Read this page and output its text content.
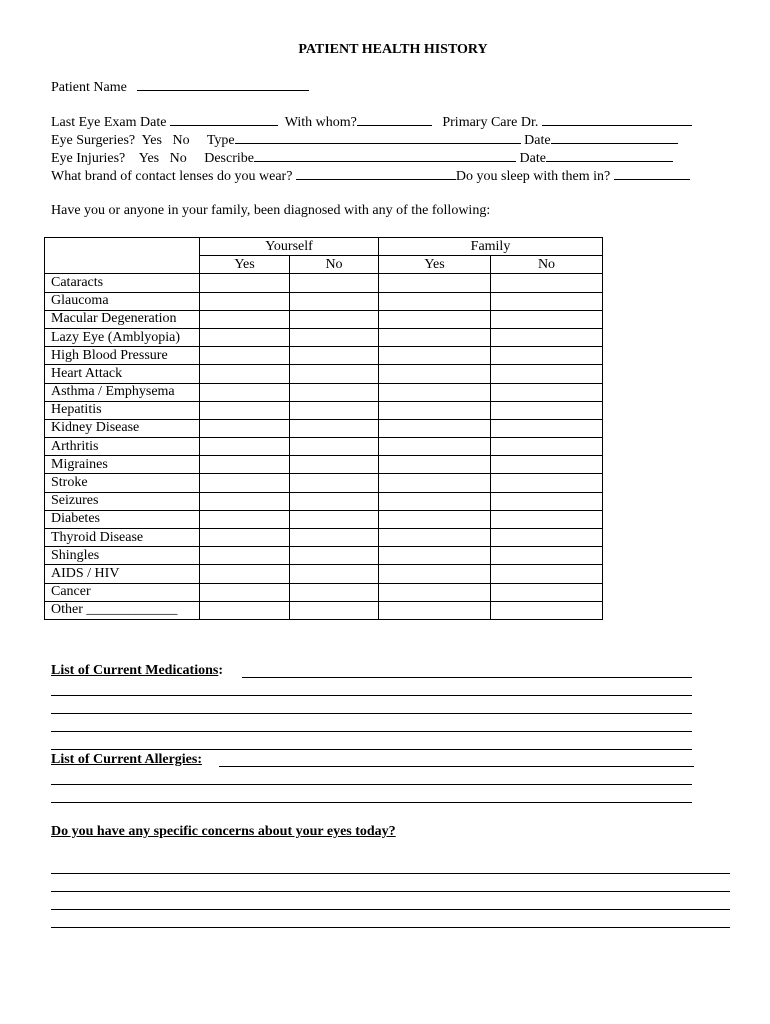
PATIENT HEALTH HISTORY
Patient Name
Last Eye Exam Date	With whom?	Primary Care Dr.
Eye Surgeries? Yes No Type	Date
Eye Injuries? Yes No Describe	Date
What brand of contact lenses do you wear?	Do you sleep with them in?
Have you or anyone in your family, been diagnosed with any of the following:
	Yourself		Family	
	Yes	No	Yes	No
Cataracts				
Glaucoma				
Macular Degeneration				
Lazy Eye (Amblyopia)				
High Blood Pressure				
Heart Attack				
Asthma / Emphysema				
Hepatitis				
Kidney Disease				
Arthritis				
Migraines				
Stroke				
Seizures				
Diabetes				
Thyroid Disease				
Shingles				
AIDS / HIV				
Cancer				
Other _____________				
List of Current Medications:
List of Current Allergies:
Do you have any specific concerns about your eyes today?
